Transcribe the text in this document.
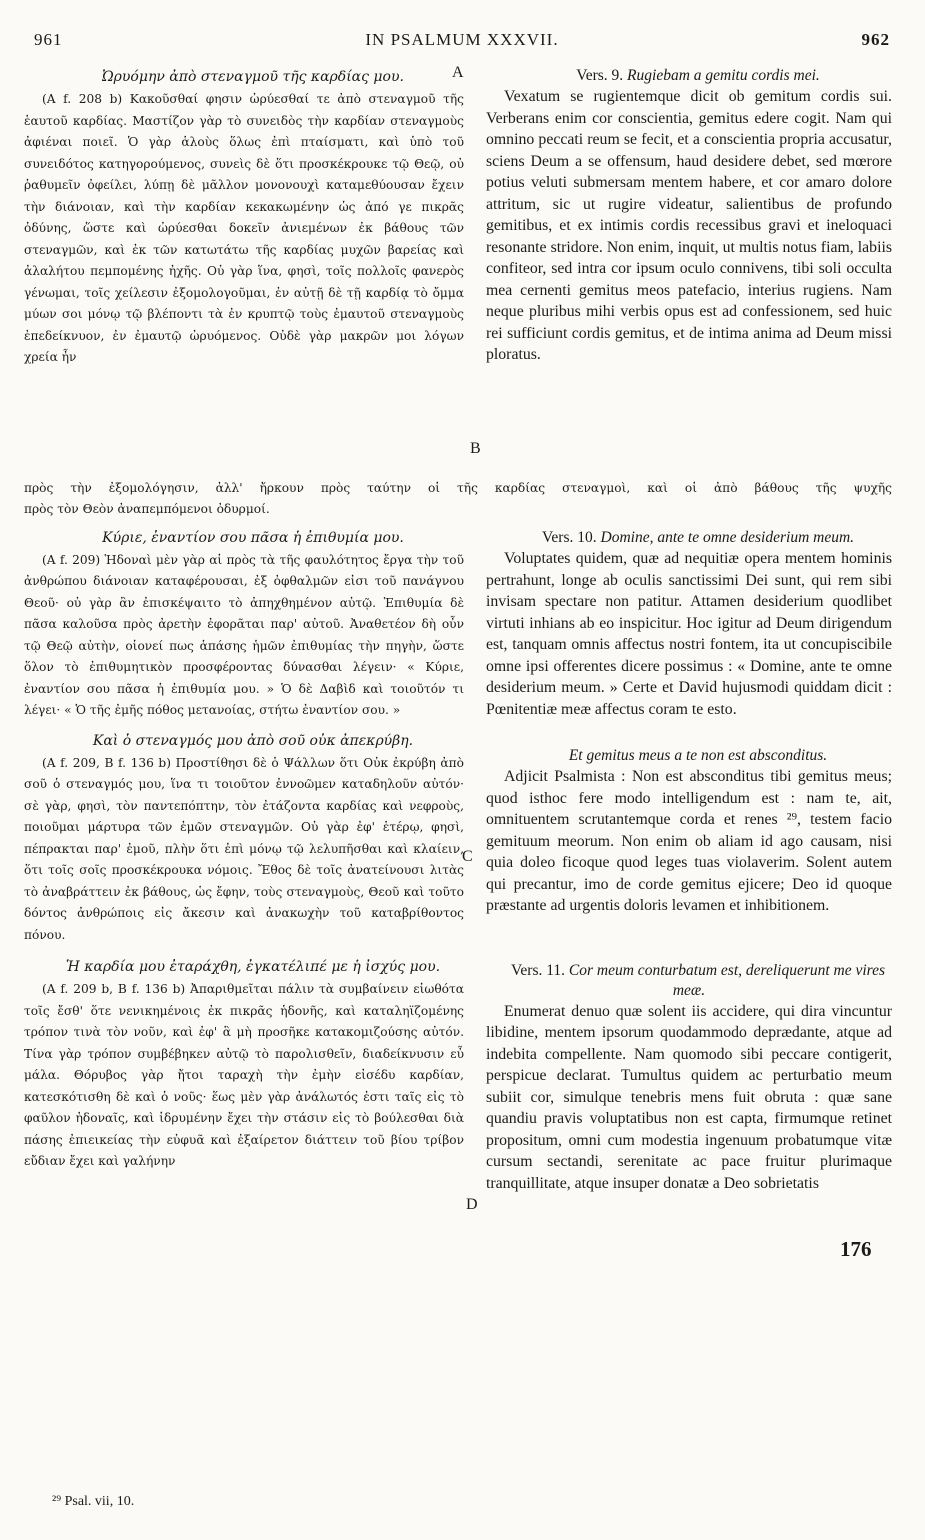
961	IN PSALMUM XXXVII.	962

Ὠρυόμην ἀπὸ στεναγμοῦ τῆς καρδίας μου.

(A f. 208 b) Κακοῦσθαί φησιν ὠρύεσθαί τε ἀπὸ στεναγμοῦ τῆς ἑαυτοῦ καρδίας. Μαστίζον γὰρ τὸ συνειδὸς τὴν καρδίαν στεναγμοὺς ἀφιέναι ποιεῖ. Ὁ γὰρ ἁλοὺς ὅλως ἐπὶ πταίσματι, καὶ ὑπὸ τοῦ συνειδότος κατηγορούμενος, συνεὶς δὲ ὅτι προσκέκρουκε τῷ Θεῷ, οὐ ῥαθυμεῖν ὀφείλει, λύπῃ δὲ μᾶλλον μονονουχὶ καταμεθύουσαν ἔχειν τὴν διάνοιαν, καὶ τὴν καρδίαν κεκακωμένην ὡς ἀπό γε πικρᾶς ὀδύνης, ὥστε καὶ ὠρύεσθαι δοκεῖν ἀνιεμένων ἐκ βάθους τῶν στεναγμῶν, καὶ ἐκ τῶν κατωτάτω τῆς καρδίας μυχῶν βαρείας καὶ ἀλαλήτου πεμπομένης ἠχῆς. Οὐ γὰρ ἵνα, φησὶ, τοῖς πολλοῖς φανερὸς γένωμαι, τοῖς χείλεσιν ἐξομολογοῦμαι, ἐν αὐτῇ δὲ τῇ καρδίᾳ τὸ ὄμμα μύων σοι μόνῳ τῷ βλέποντι τὰ ἐν κρυπτῷ τοὺς ἐμαυτοῦ στεναγμοὺς ἐπεδείκνυον, ἐν ἐμαυτῷ ὠρυόμενος. Οὐδὲ γὰρ μακρῶν μοι λόγων χρεία ἦν

Vers. 9. Rugiebam a gemitu cordis mei.

Vexatum se rugientemque dicit ob gemitum cordis sui. Verberans enim cor conscientia, gemitus edere cogit. Nam qui omnino peccati reum se fecit, et a conscientia propria accusatur, sciens Deum a se offensum, haud desidere debet, sed mœrore potius veluti submersam mentem habere, et cor amaro dolore attritum, sic ut rugire videatur, salientibus de profundo gemitibus, et ex intimis cordis recessibus gravi et ineloquaci resonante stridore. Non enim, inquit, ut multis notus fiam, labiis confiteor, sed intra cor ipsum oculo connivens, tibi soli occulta mea cernenti gemitus meos patefacio, interius rugiens. Nam neque pluribus mihi verbis opus est ad confessionem, sed huic rei sufficiunt cordis gemitus, et de intima anima ad Deum missi ploratus.

πρὸς τὴν ἐξομολόγησιν, ἀλλ' ἤρκουν πρὸς ταύτην οἱ τῆς καρδίας στεναγμοὶ, καὶ οἱ ἀπὸ βάθους τῆς ψυχῆς

πρὸς τὸν Θεὸν ἀναπεμπόμενοι ὀδυρμοί.

Κύριε, ἐναντίον σου πᾶσα ἡ ἐπιθυμία μου.

(A f. 209) Ἡδοναὶ μὲν γὰρ αἱ πρὸς τὰ τῆς φαυλότητος ἔργα τὴν τοῦ ἀνθρώπου διάνοιαν καταφέρουσαι, ἐξ ὀφθαλμῶν εἰσι τοῦ πανάγνου Θεοῦ· οὐ γὰρ ἂν ἐπισκέψαιτο τὸ ἀπηχθημένον αὐτῷ. Ἐπιθυμία δὲ πᾶσα καλοῦσα πρὸς ἀρετὴν ἐφορᾶται παρ' αὐτοῦ. Ἀναθετέον δὴ οὖν τῷ Θεῷ αὐτὴν, οἱονεί πως ἁπάσης ἡμῶν ἐπιθυμίας τὴν πηγὴν, ὥστε ὅλον τὸ ἐπιθυμητικὸν προσφέροντας δύνασθαι λέγειν· « Κύριε, ἐναντίον σου πᾶσα ἡ ἐπιθυμία μου. » Ὁ δὲ Δαβὶδ καὶ τοιοῦτόν τι λέγει· « Ὁ τῆς ἐμῆς πόθος μετανοίας, στήτω ἐναντίον σου. »

Καὶ ὁ στεναγμός μου ἀπὸ σοῦ οὐκ ἀπεκρύβη.

(A f. 209, B f. 136 b) Προστίθησι δὲ ὁ Ψάλλων ὅτι Οὐκ ἐκρύβη ἀπὸ σοῦ ὁ στεναγμός μου, ἵνα τι τοιοῦτον ἐννοῶμεν καταδηλοῦν αὐτόν· σὲ γὰρ, φησὶ, τὸν παντεπόπτην, τὸν ἐτάζοντα καρδίας καὶ νεφροὺς, ποιοῦμαι μάρτυρα τῶν ἐμῶν στεναγμῶν. Οὐ γὰρ ἐφ' ἑτέρῳ, φησὶ, πέπρακται παρ' ἐμοῦ, πλὴν ὅτι ἐπὶ μόνῳ τῷ λελυπῆσθαι καὶ κλαίειν, ὅτι τοῖς σοῖς προσκέκρουκα νόμοις. Ἔθος δὲ τοῖς ἀνατείνουσι λιτὰς τὸ ἀναβράττειν ἐκ βάθους, ὡς ἔφην, τοὺς στεναγμοὺς, Θεοῦ καὶ τοῦτο δόντος ἀνθρώποις εἰς ἄκεσιν καὶ ἀνακωχὴν τοῦ καταβρίθοντος πόνου.

Ἡ καρδία μου ἐταράχθη, ἐγκατέλιπέ με ἡ ἰσχύς μου.

(A f. 209 b, B f. 136 b) Ἀπαριθμεῖται πάλιν τὰ συμβαίνειν εἰωθότα τοῖς ἔσθ' ὅτε νενικημένοις ἐκ πικρᾶς ἡδονῆς, καὶ καταληϊζομένης τρόπον τινὰ τὸν νοῦν, καὶ ἐφ' ἃ μὴ προσῆκε κατακομιζούσης αὐτόν. Τίνα γὰρ τρόπον συμβέβηκεν αὐτῷ τὸ παρολισθεῖν, διαδείκνυσιν εὖ μάλα. Θόρυβος γὰρ ἤτοι ταραχὴ τὴν ἐμὴν εἰσέδυ καρδίαν, κατεσκότισθη δὲ καὶ ὁ νοῦς· ἕως μὲν γὰρ ἀνάλωτός ἐστι ταῖς εἰς τὸ φαῦλον ἡδοναῖς, καὶ ἱδρυμένην ἔχει τὴν στάσιν εἰς τὸ βούλεσθαι διὰ πάσης ἐπιεικείας τὴν εὐφυᾶ καὶ ἐξαίρετον διάττειν τοῦ βίου τρίβον εὔδιαν ἔχει καὶ γαλήνην

Vers. 10. Domine, ante te omne desiderium meum.

Voluptates quidem, quæ ad nequitiæ opera mentem hominis pertrahunt, longe ab oculis sanctissimi Dei sunt, qui rem sibi invisam spectare non patitur. Attamen desiderium quodlibet virtuti inhians ab eo inspicitur. Hoc igitur ad Deum dirigendum est, tanquam omnis affectus nostri fontem, ita ut concupiscibile omne ipsi offerentes dicere possimus : « Domine, ante te omne desiderium meum. » Certe et David hujusmodi quiddam dicit : Pœnitentiæ meæ affectus coram te esto.

Et gemitus meus a te non est absconditus.

Adjicit Psalmista : Non est absconditus tibi gemitus meus; quod isthoc fere modo intelligendum est : nam te, ait, omnituentem scrutantemque corda et renes ²⁹, testem facio gemituum meorum. Non enim ob aliam id ago causam, nisi quia doleo ficoque quod leges tuas violaverim. Solent autem qui precantur, imo de corde gemitus ejicere; Deo id quoque præstante ad urgentis doloris levamen et inhibitionem.

Vers. 11. Cor meum conturbatum est, dereliquerunt me vires meæ.

Enumerat denuo quæ solent iis accidere, qui dira vincuntur libidine, mentem ipsorum quodammodo deprædante, atque ad indebita compellente. Nam quomodo sibi peccare contigerit, perspicue declarat. Tumultus quidem ac perturbatio meum subiit cor, simulque tenebris mens fuit obruta : quæ sane quandiu pravis voluptatibus non est capta, firmumque retinet propositum, omni cum modestia ingenuum probatumque vitæ cursum sectandi, serenitate ac pace fruitur plurimaque tranquillitate, atque insuper donatæ a Deo sobrietatis

A
B
C
D
176
²⁹ Psal. vii, 10.
